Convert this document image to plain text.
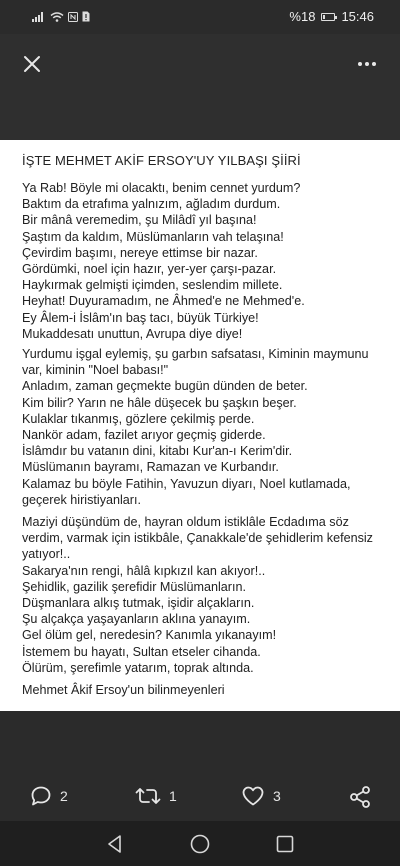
%18 15:46
İŞTE MEHMET AKİF ERSOY'UY YILBAŞI ŞİİRİ
Ya Rab! Böyle mi olacaktı, benim cennet yurdum?
Baktım da etrafıma yalnızım, ağladım durdum.
Bir mânâ veremedim, şu Milâdî yıl başına!
Şaştım da kaldım, Müslümanların vah telaşına!
Çevirdim başımı, nereye ettimse bir nazar.
Gördümki, noel için hazır, yer-yer çarşı-pazar.
Haykırmak gelmişti içimden, seslendim millete.
Heyhat! Duyuramadım, ne Âhmed'e ne Mehmed'e.
Ey Âlem-i İslâm'ın baş tacı, büyük Türkiye!
Mukaddesatı unuttun, Avrupa diye diye!
Yurdumu işgal eylemiş, şu garbın safsatası, Kiminin maymunu var, kiminin "Noel babası!"
Anladım, zaman geçmekte bugün dünden de beter.
Kim bilir? Yarın ne hâle düşecek bu şaşkın beşer.
Kulaklar tıkanmış, gözlere çekilmiş perde.
Nankör adam, fazilet arıyor geçmiş giderde.
İslâmdır bu vatanın dini, kitabı Kur'an-ı Kerim'dir.
Müslümanın bayramı, Ramazan ve Kurbandır.
Kalamaz bu böyle Fatihin, Yavuzun diyarı, Noel kutlamada, geçerek hiristiyanları.
Maziyi düşündüm de, hayran oldum istiklâle Ecdadıma söz verdim, varmak için istikbâle, Çanakkale'de şehidlerim kefensiz yatıyor!..
Sakarya'nın rengi, hâlâ kıpkızıl kan akıyor!..
Şehidlik, gazilik şerefidir Müslümanların.
Düşmanlara alkış tutmak, işidir alçakların.
Şu alçakça yaşayanların aklına yanayım.
Gel ölüm gel, neredesin? Kanımla yıkanayım!
İstemem bu hayatı, Sultan etseler cihanda.
Ölürüm, şerefimle yatarım, toprak altında.
Mehmet Âkif Ersoy'un bilinmeyenleri
2	1	3
